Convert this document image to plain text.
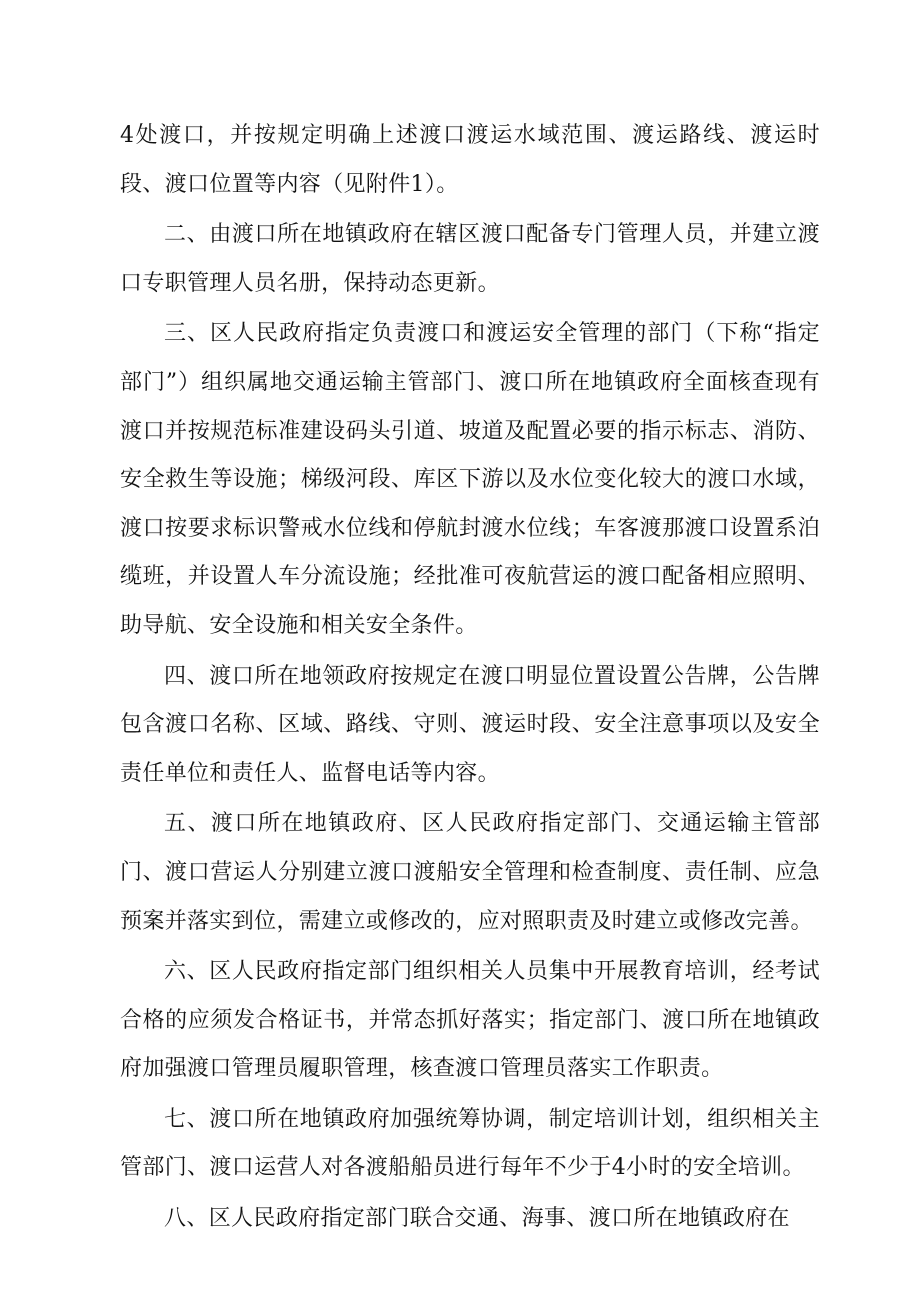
4处渡口，并按规定明确上述渡口渡运水域范围、渡运路线、渡运时段、渡口位置等内容（见附件1）。

二、由渡口所在地镇政府在辖区渡口配备专门管理人员，并建立渡口专职管理人员名册，保持动态更新。

三、区人民政府指定负责渡口和渡运安全管理的部门（下称“指定部门”）组织属地交通运输主管部门、渡口所在地镇政府全面核查现有渡口并按规范标准建设码头引道、坡道及配置必要的指示标志、消防、安全救生等设施；梯级河段、库区下游以及水位变化较大的渡口水域，渡口按要求标识警戒水位线和停航封渡水位线；车客渡那渡口设置系泊缆班，并设置人车分流设施；经批准可夜航营运的渡口配备相应照明、助导航、安全设施和相关安全条件。

四、渡口所在地领政府按规定在渡口明显位置设置公告牌，公告牌包含渡口名称、区域、路线、守则、渡运时段、安全注意事项以及安全责任单位和责任人、监督电话等内容。

五、渡口所在地镇政府、区人民政府指定部门、交通运输主管部门、渡口营运人分别建立渡口渡船安全管理和检查制度、责任制、应急预案并落实到位，需建立或修改的，应对照职责及时建立或修改完善。

六、区人民政府指定部门组织相关人员集中开展教育培训，经考试合格的应须发合格证书，并常态抓好落实；指定部门、渡口所在地镇政府加强渡口管理员履职管理，核查渡口管理员落实工作职责。

七、渡口所在地镇政府加强统筹协调，制定培训计划，组织相关主管部门、渡口运营人对各渡船船员进行每年不少于4小时的安全培训。

八、区人民政府指定部门联合交通、海事、渡口所在地镇政府在
